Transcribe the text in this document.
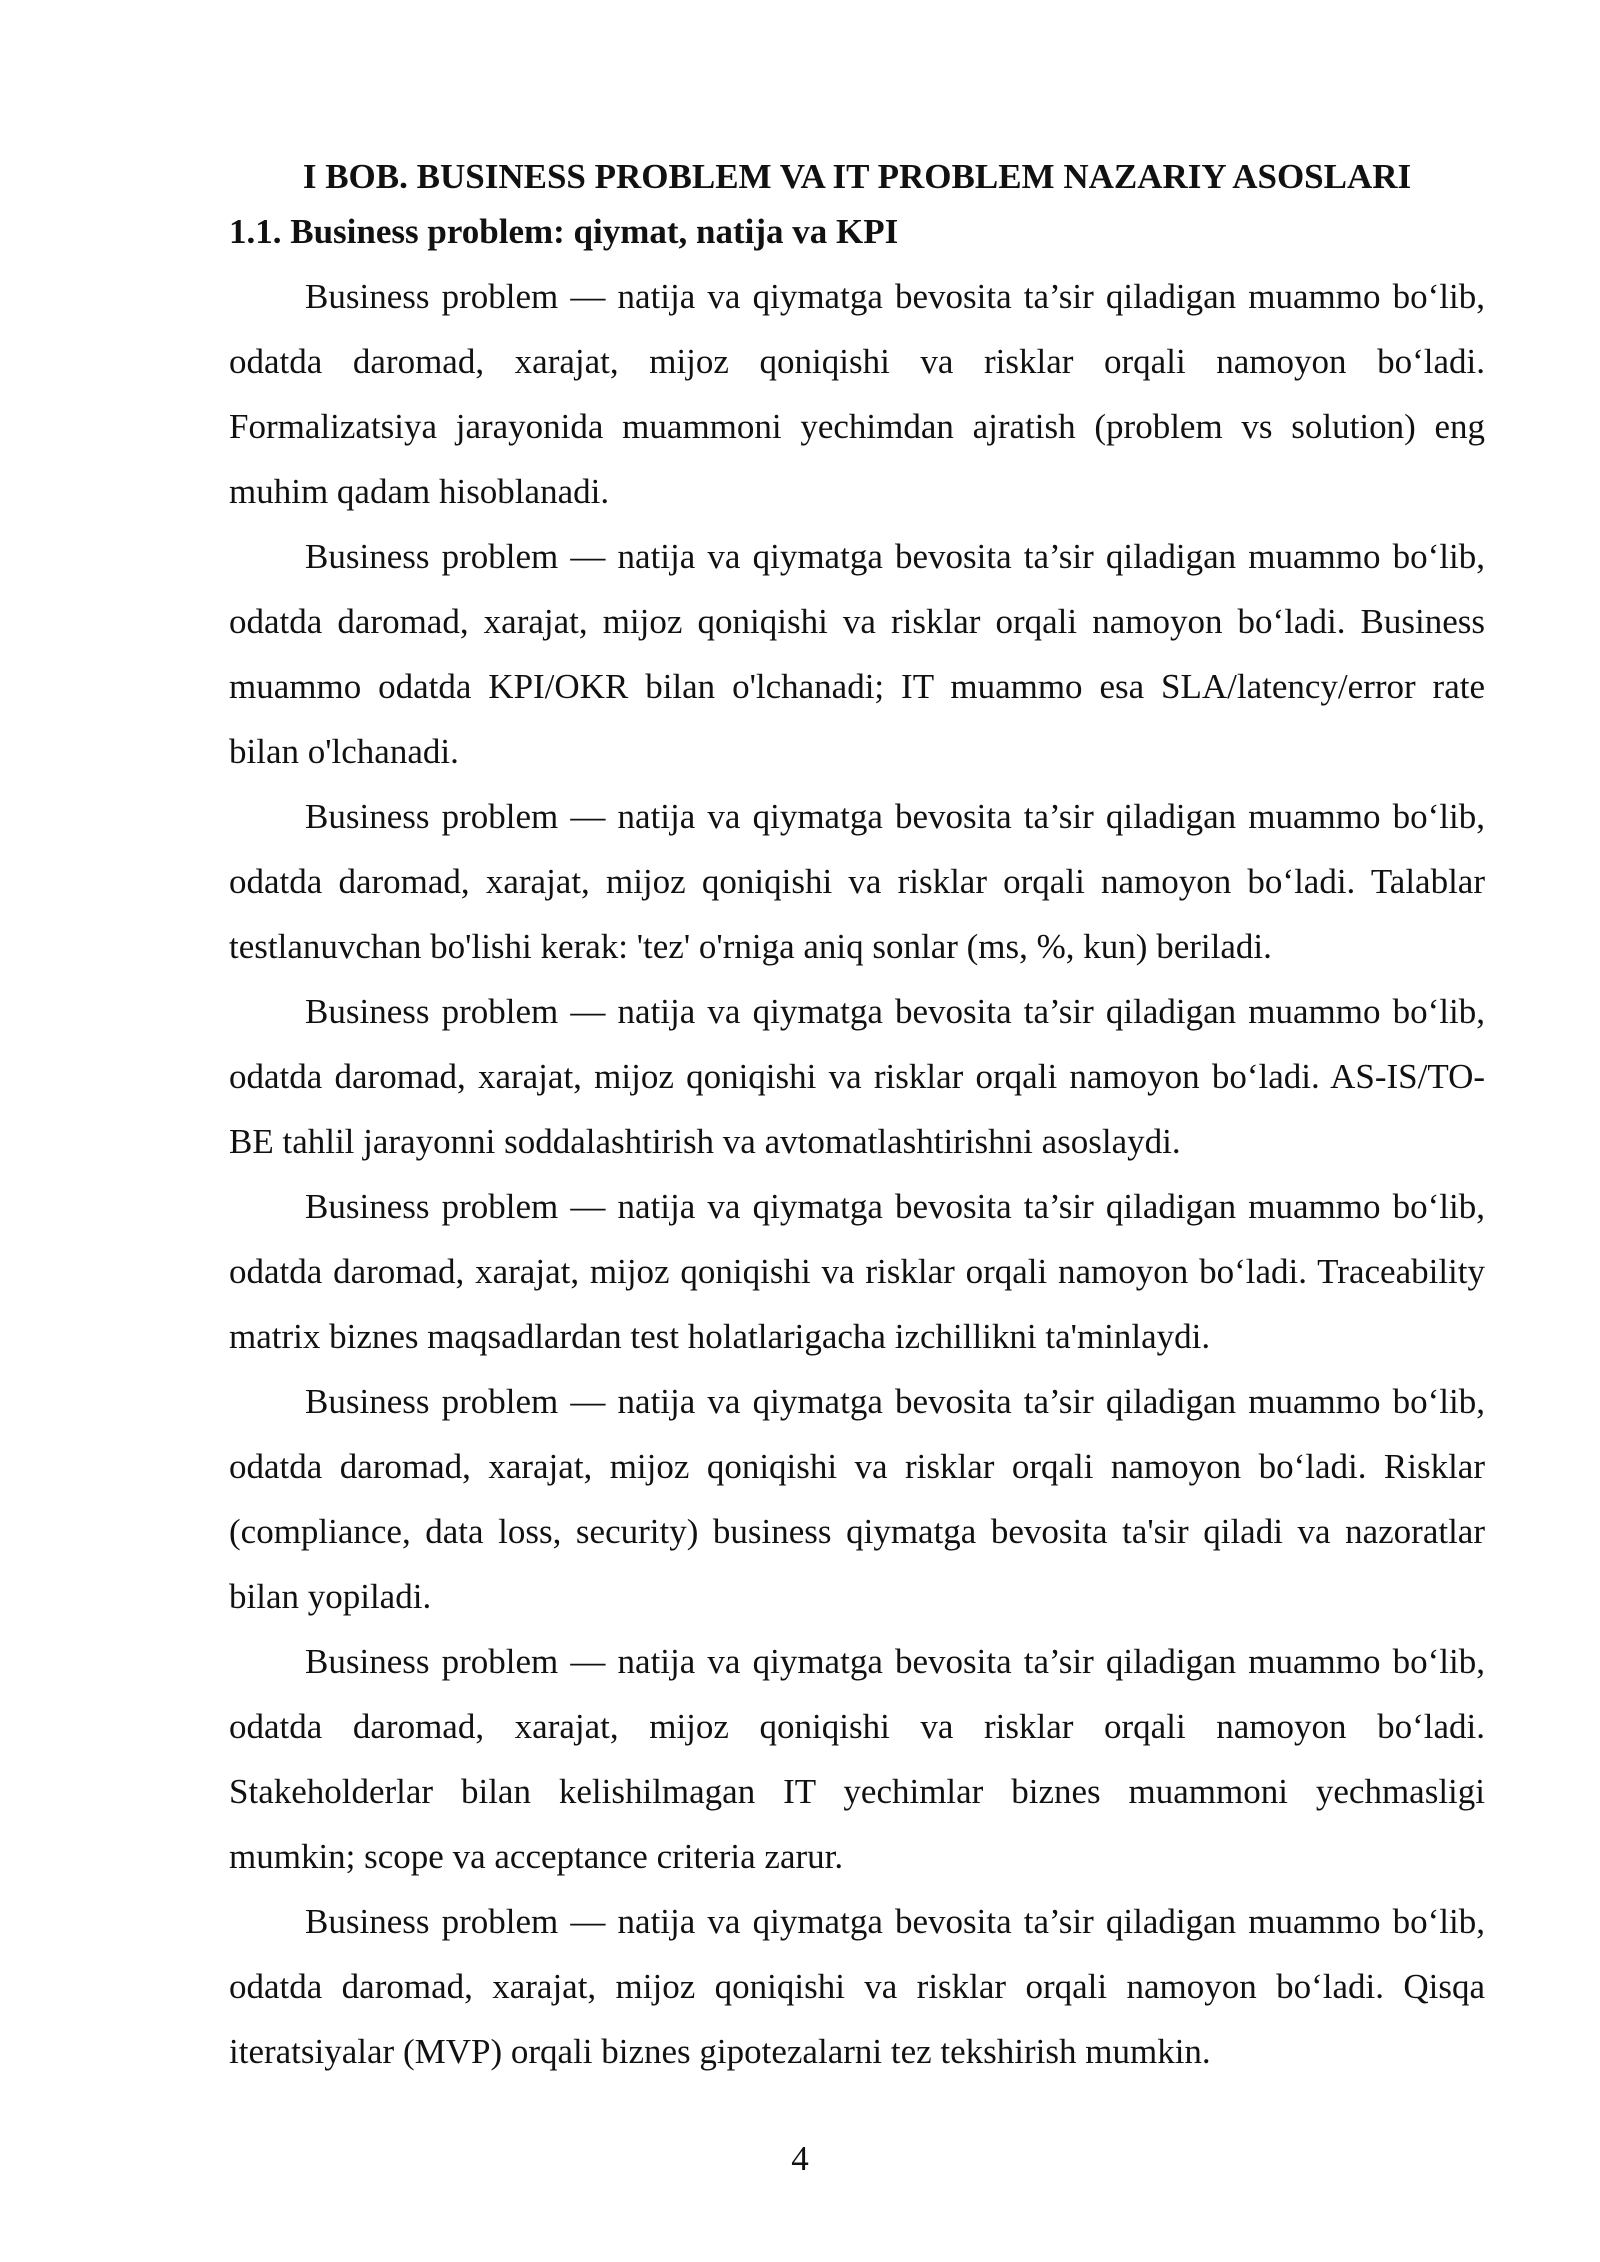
I BOB. BUSINESS PROBLEM VA IT PROBLEM NAZARIY ASOSLARI
1.1. Business problem: qiymat, natija va KPI

Business problem — natija va qiymatga bevosita ta’sir qiladigan muammo bo‘lib, odatda daromad, xarajat, mijoz qoniqishi va risklar orqali namoyon bo‘ladi. Formalizatsiya jarayonida muammoni yechimdan ajratish (problem vs solution) eng muhim qadam hisoblanadi.

Business problem — natija va qiymatga bevosita ta’sir qiladigan muammo bo‘lib, odatda daromad, xarajat, mijoz qoniqishi va risklar orqali namoyon bo‘ladi. Business muammo odatda KPI/OKR bilan o'lchanadi; IT muammo esa SLA/latency/error rate bilan o'lchanadi.

Business problem — natija va qiymatga bevosita ta’sir qiladigan muammo bo‘lib, odatda daromad, xarajat, mijoz qoniqishi va risklar orqali namoyon bo‘ladi. Talablar testlanuvchan bo'lishi kerak: 'tez' o'rniga aniq sonlar (ms, %, kun) beriladi.

Business problem — natija va qiymatga bevosita ta’sir qiladigan muammo bo‘lib, odatda daromad, xarajat, mijoz qoniqishi va risklar orqali namoyon bo‘ladi. AS-IS/TO-BE tahlil jarayonni soddalashtirish va avtomatlashtirishni asoslaydi.

Business problem — natija va qiymatga bevosita ta’sir qiladigan muammo bo‘lib, odatda daromad, xarajat, mijoz qoniqishi va risklar orqali namoyon bo‘ladi. Traceability matrix biznes maqsadlardan test holatlarigacha izchillikni ta'minlaydi.

Business problem — natija va qiymatga bevosita ta’sir qiladigan muammo bo‘lib, odatda daromad, xarajat, mijoz qoniqishi va risklar orqali namoyon bo‘ladi. Risklar (compliance, data loss, security) business qiymatga bevosita ta'sir qiladi va nazoratlar bilan yopiladi.

Business problem — natija va qiymatga bevosita ta’sir qiladigan muammo bo‘lib, odatda daromad, xarajat, mijoz qoniqishi va risklar orqali namoyon bo‘ladi. Stakeholderlar bilan kelishilmagan IT yechimlar biznes muammoni yechmasligi mumkin; scope va acceptance criteria zarur.

Business problem — natija va qiymatga bevosita ta’sir qiladigan muammo bo‘lib, odatda daromad, xarajat, mijoz qoniqishi va risklar orqali namoyon bo‘ladi. Qisqa iteratsiyalar (MVP) orqali biznes gipotezalarni tez tekshirish mumkin.

4
